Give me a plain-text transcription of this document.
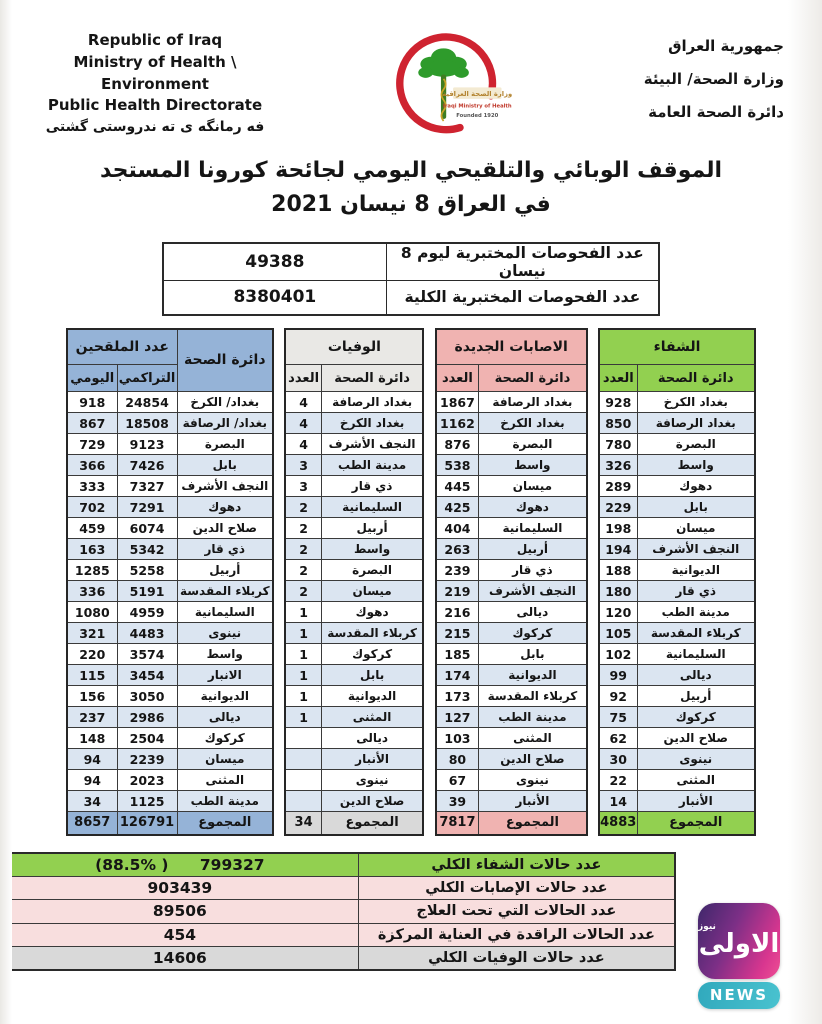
Republic of Iraq
Ministry of Health \ Environment
Public Health Directorate
فه رمانگه ى ته ندروستى گشتى
وزارة الصحة العراقية
Iraqi Ministry of Health
Founded 1920
جمهورية العراق
وزارة الصحة/ البيئة
دائرة الصحة العامة
الموقف الوبائي والتلقيحي اليومي لجائحة كورونا المستجد
في العراق 8 نيسان 2021
عدد الفحوصات المختبرية ليوم 8 نيسان	49388
عدد الفحوصات المختبرية الكلية	8380401
الشفاء	
دائرة الصحة	العدد
بغداد الكرخ	928
بغداد الرصافة	850
البصرة	780
واسط	326
دهوك	289
بابل	229
ميسان	198
النجف الأشرف	194
الديوانية	188
ذي قار	180
مدينة الطب	120
كربلاء المقدسة	105
السليمانية	102
ديالى	99
أربيل	92
كركوك	75
صلاح الدين	62
نينوى	30
المثنى	22
الأنبار	14
المجموع	4883
الاصابات الجديدة	
دائرة الصحة	العدد
بغداد الرصافة	1867
بغداد الكرخ	1162
البصرة	876
واسط	538
ميسان	445
دهوك	425
السليمانية	404
أربيل	263
ذي قار	239
النجف الأشرف	219
ديالى	216
كركوك	215
بابل	185
الديوانية	174
كربلاء المقدسة	173
مدينة الطب	127
المثنى	103
صلاح الدين	80
نينوى	67
الأنبار	39
المجموع	7817
الوفيات	
دائرة الصحة	العدد
بغداد الرصافة	4
بغداد الكرخ	4
النجف الأشرف	4
مدينة الطب	3
ذي قار	3
السليمانية	2
أربيل	2
واسط	2
البصرة	2
ميسان	2
دهوك	1
كربلاء المقدسة	1
كركوك	1
بابل	1
الديوانية	1
المثنى	1
ديالى	
الأنبار	
نينوى	
صلاح الدين	
المجموع	34
دائرة الصحة	عدد الملقحين	
	التراكمي	اليومي
بغداد/ الكرخ	24854	918
بغداد/ الرصافة	18508	867
البصرة	9123	729
بابل	7426	366
النجف الأشرف	7327	333
دهوك	7291	702
صلاح الدين	6074	459
ذي قار	5342	163
أربيل	5258	1285
كربلاء المقدسة	5191	336
السليمانية	4959	1080
نينوى	4483	321
واسط	3574	220
الانبار	3454	115
الديوانية	3050	156
ديالى	2986	237
كركوك	2504	148
ميسان	2239	94
المثنى	2023	94
مدينة الطب	1125	34
المجموع	126791	8657
عدد حالات الشفاء الكلي	(88.5% ) 799327
عدد حالات الإصابات الكلي	903439
عدد الحالات التي تحت العلاج	89506
عدد الحالات الراقدة في العناية المركزة	454
عدد حالات الوفيات الكلي	14606
نيوز
الاولى
NEWS
